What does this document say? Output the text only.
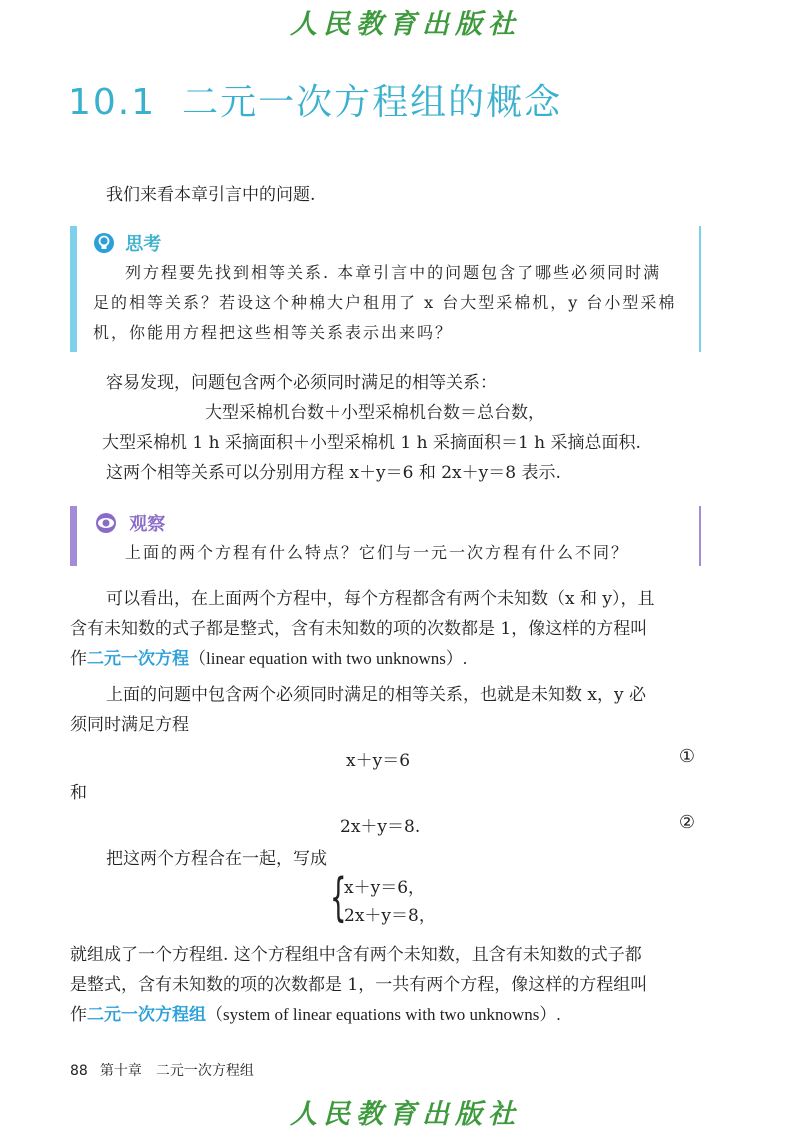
人民教育出版社
10.1 二元一次方程组的概念
我们来看本章引言中的问题.
思考
列方程要先找到相等关系. 本章引言中的问题包含了哪些必须同时满
足的相等关系？若设这个种棉大户租用了 x 台大型采棉机，y 台小型采棉
机，你能用方程把这些相等关系表示出来吗？
容易发现，问题包含两个必须同时满足的相等关系：
大型采棉机台数＋小型采棉机台数＝总台数，
大型采棉机 1 h 采摘面积＋小型采棉机 1 h 采摘面积＝1 h 采摘总面积.
这两个相等关系可以分别用方程 x＋y＝6 和 2x＋y＝8 表示.
观察
上面的两个方程有什么特点？它们与一元一次方程有什么不同？
可以看出，在上面两个方程中，每个方程都含有两个未知数（x 和 y），且
含有未知数的式子都是整式，含有未知数的项的次数都是 1，像这样的方程叫
作二元一次方程（linear equation with two unknowns）.
上面的问题中包含两个必须同时满足的相等关系，也就是未知数 x，y 必
须同时满足方程
x＋y＝6	①
和
2x＋y＝8.	②
把这两个方程合在一起，写成
{
x＋y＝6，
2x＋y＝8，
就组成了一个方程组. 这个方程组中含有两个未知数，且含有未知数的式子都
是整式，含有未知数的项的次数都是 1，一共有两个方程，像这样的方程组叫
作二元一次方程组（system of linear equations with two unknowns）.
88 第十章　二元一次方程组
人民教育出版社
